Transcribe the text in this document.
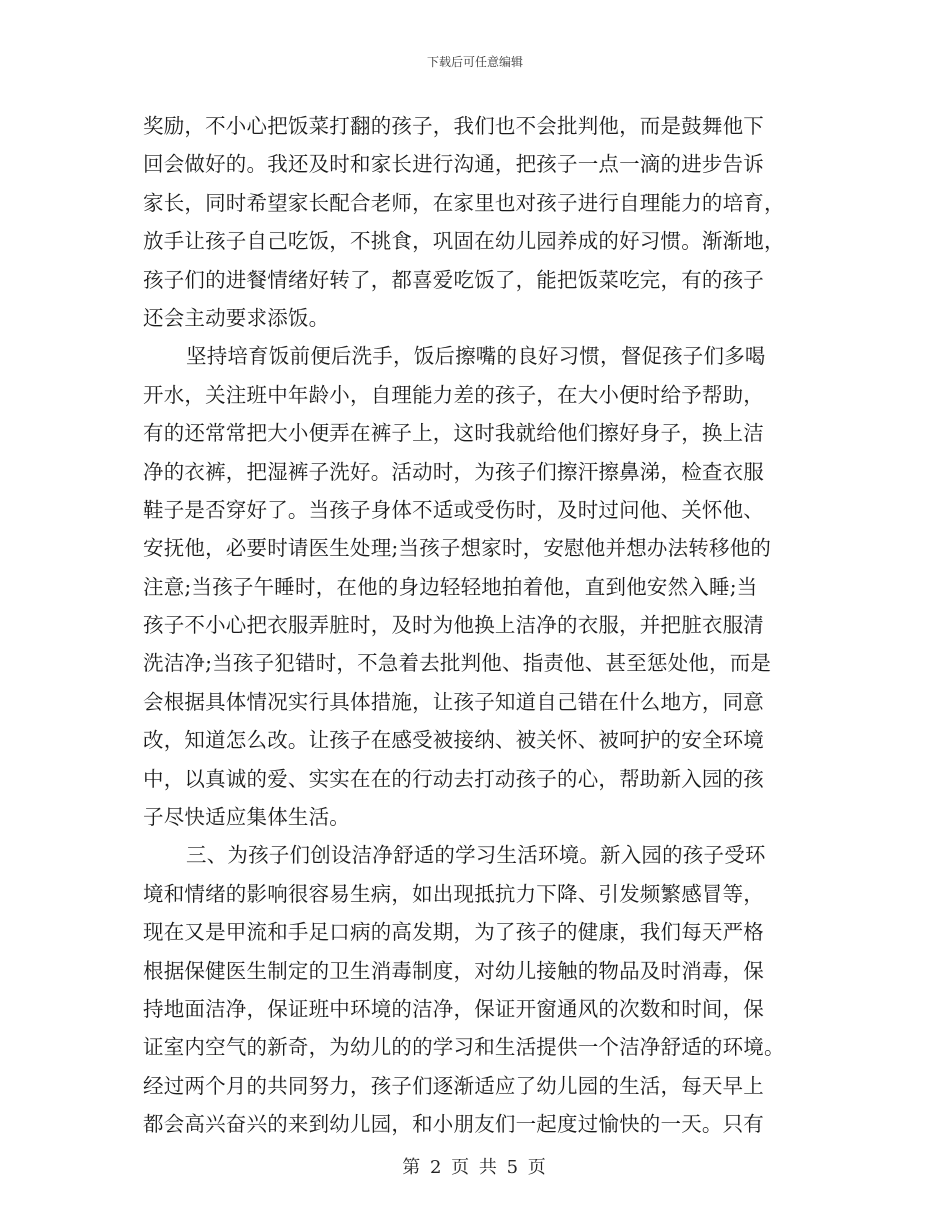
下载后可任意编辑
奖励，不小心把饭菜打翻的孩子，我们也不会批判他，而是鼓舞他下
回会做好的。我还及时和家长进行沟通，把孩子一点一滴的进步告诉
家长，同时希望家长配合老师，在家里也对孩子进行自理能力的培育，
放手让孩子自己吃饭，不挑食，巩固在幼儿园养成的好习惯。渐渐地，
孩子们的进餐情绪好转了，都喜爱吃饭了，能把饭菜吃完，有的孩子
还会主动要求添饭。
坚持培育饭前便后洗手，饭后擦嘴的良好习惯，督促孩子们多喝
开水，关注班中年龄小，自理能力差的孩子，在大小便时给予帮助，
有的还常常把大小便弄在裤子上，这时我就给他们擦好身子，换上洁
净的衣裤，把湿裤子洗好。活动时，为孩子们擦汗擦鼻涕，检查衣服
鞋子是否穿好了。当孩子身体不适或受伤时，及时过问他、关怀他、
安抚他，必要时请医生处理;当孩子想家时，安慰他并想办法转移他的
注意;当孩子午睡时，在他的身边轻轻地拍着他，直到他安然入睡;当
孩子不小心把衣服弄脏时，及时为他换上洁净的衣服，并把脏衣服清
洗洁净;当孩子犯错时，不急着去批判他、指责他、甚至惩处他，而是
会根据具体情况实行具体措施，让孩子知道自己错在什么地方，同意
改，知道怎么改。让孩子在感受被接纳、被关怀、被呵护的安全环境
中，以真诚的爱、实实在在的行动去打动孩子的心，帮助新入园的孩
子尽快适应集体生活。
三、为孩子们创设洁净舒适的学习生活环境。新入园的孩子受环
境和情绪的影响很容易生病，如出现抵抗力下降、引发频繁感冒等，
现在又是甲流和手足口病的高发期，为了孩子的健康，我们每天严格
根据保健医生制定的卫生消毒制度，对幼儿接触的物品及时消毒，保
持地面洁净，保证班中环境的洁净，保证开窗通风的次数和时间，保
证室内空气的新奇，为幼儿的的学习和生活提供一个洁净舒适的环境。
经过两个月的共同努力，孩子们逐渐适应了幼儿园的生活，每天早上
都会高兴奋兴的来到幼儿园，和小朋友们一起度过愉快的一天。只有
第 2 页 共 5 页
